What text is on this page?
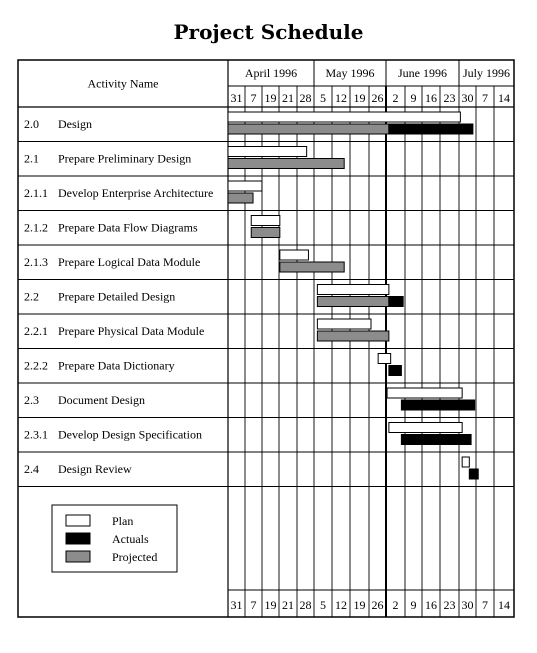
Project Schedule
Activity Name
April 1996 May 1996 June 1996 July 1996
31
31
7
7
19
19
21
21
28
28
5
5
12
12
19
19
26
26
2
2
9
9
16
16
23
23
30
30
7
7
14
14
2.0 Design
2.1 Prepare Preliminary Design
2.1.1 Develop Enterprise Architecture
2.1.2 Prepare Data Flow Diagrams
2.1.3 Prepare Logical Data Module
2.2 Prepare Detailed Design
2.2.1 Prepare Physical Data Module
2.2.2 Prepare Data Dictionary
2.3 Document Design
2.3.1 Develop Design Specification
2.4 Design Review
Plan
Actuals
Projected
